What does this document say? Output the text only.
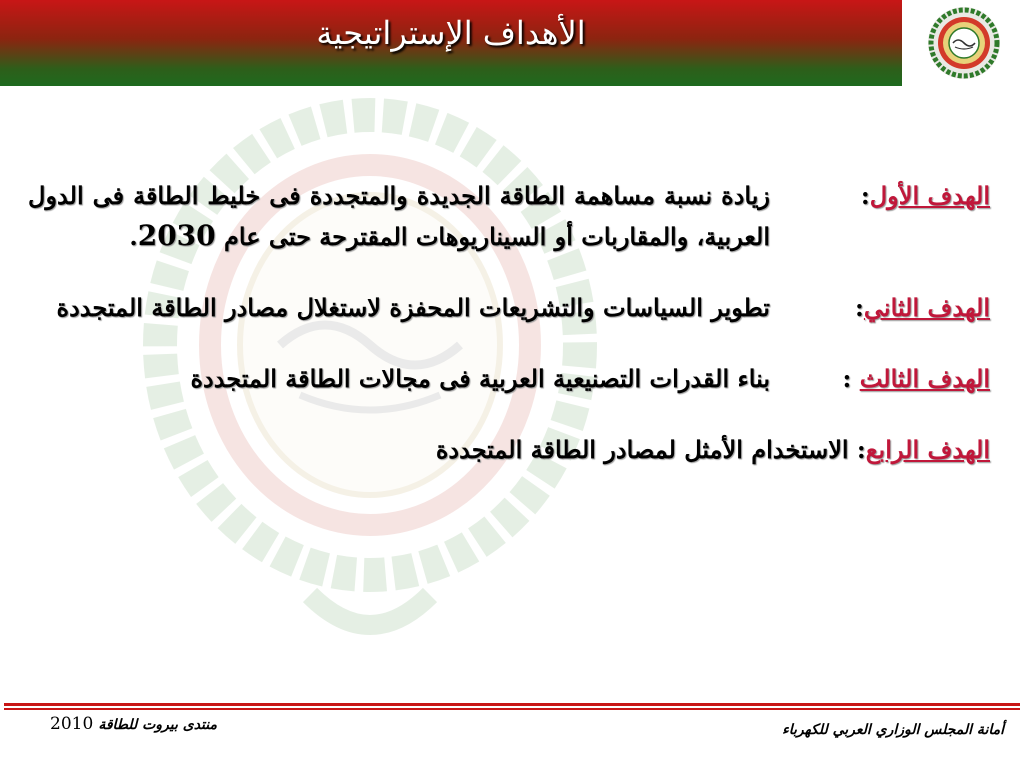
الأهداف الإستراتيجية
الهدف الأول:
زيادة نسبة مساهمة الطاقة الجديدة والمتجددة فى خليط الطاقة فى الدول العربية، والمقاربات أو السيناريوهات المقترحة حتى عام 2030.
الهدف الثاني:
تطوير السياسات والتشريعات المحفزة لاستغلال مصادر الطاقة المتجددة
الهدف الثالث :
بناء القدرات التصنيعية العربية فى مجالات الطاقة المتجددة
الهدف الرابع:
الاستخدام الأمثل لمصادر الطاقة المتجددة
2010 منتدى بيروت للطاقة	أمانة المجلس الوزاري العربي للكهرباء
